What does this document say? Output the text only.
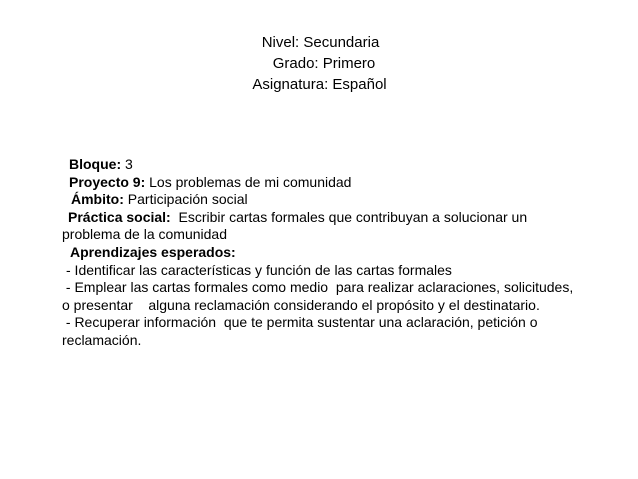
Nivel: Secundaria
Grado: Primero
Asignatura: Español
Bloque: 3
Proyecto 9: Los problemas de mi comunidad
Ámbito: Participación social
Práctica social:  Escribir cartas formales que contribuyan a solucionar un
problema de la comunidad
Aprendizajes esperados:
- Identificar las características y función de las cartas formales
- Emplear las cartas formales como medio  para realizar aclaraciones, solicitudes,
o presentar    alguna reclamación considerando el propósito y el destinatario.
- Recuperar información  que te permita sustentar una aclaración, petición o
reclamación.
